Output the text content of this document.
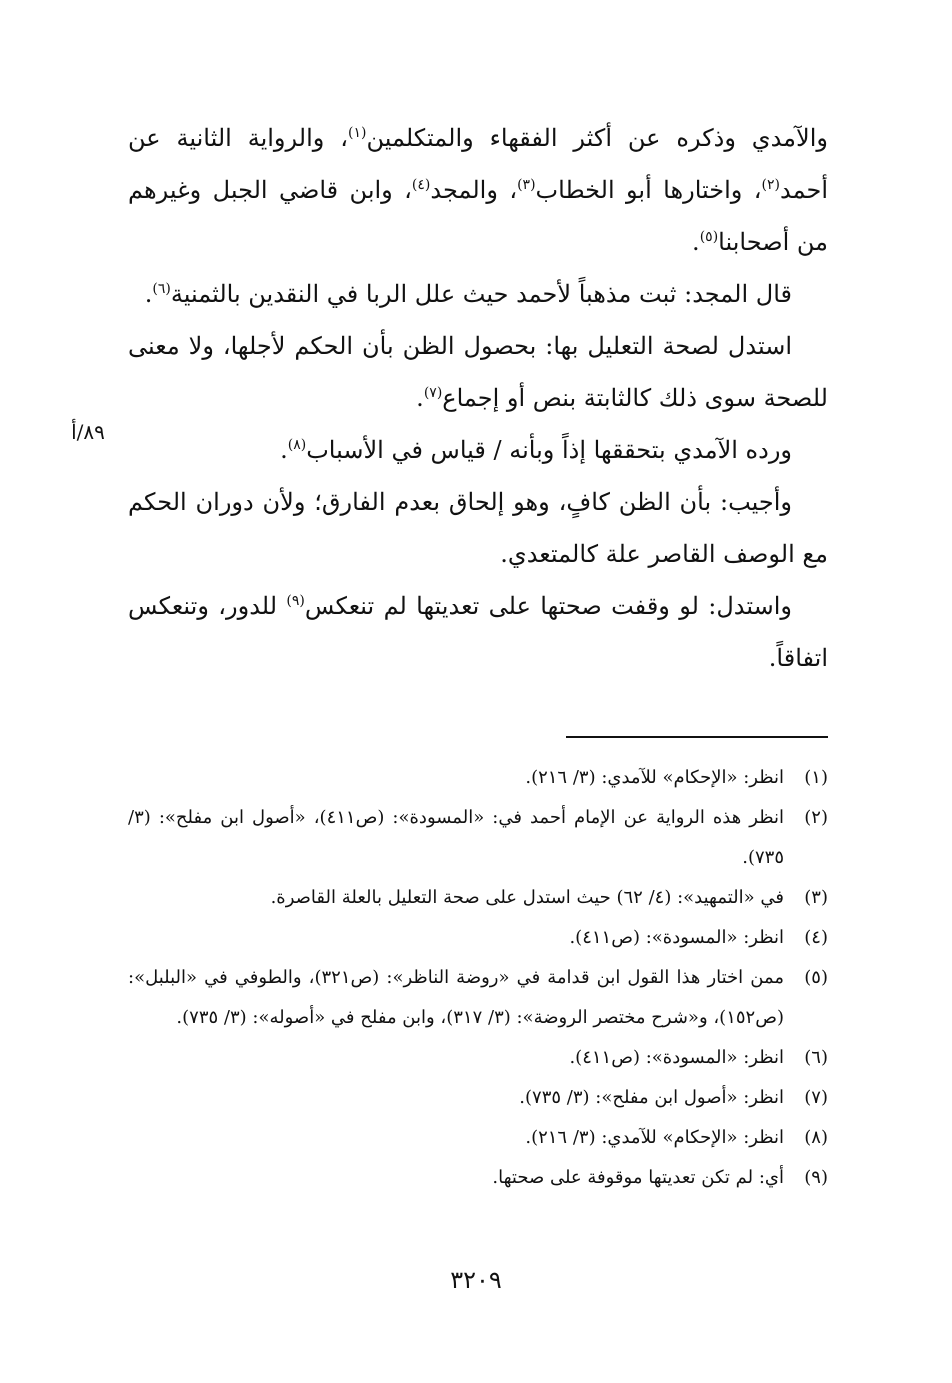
والآمدي وذكره عن أكثر الفقهاء والمتكلمين$^{(١)}$، والرواية الثانية عن أحمد$^{(٢)}$، واختارها أبو الخطاب$^{(٣)}$، والمجد$^{(٤)}$، وابن قاضي الجبل وغيرهم من أصحابنا$^{(٥)}$.

قال المجد: ثبت مذهباً لأحمد حيث علل الربا في النقدين بالثمنية$^{(٦)}$.

استدل لصحة التعليل بها: بحصول الظن بأن الحكم لأجلها، ولا معنى للصحة سوى ذلك كالثابتة بنص أو إجماع$^{(٧)}$.

ورده الآمدي بتحققها إذاً وبأنه / قياس في الأسباب$^{(٨)}$.

وأجيب: بأن الظن كافٍ، وهو إلحاق بعدم الفارق؛ ولأن دوران الحكم مع الوصف القاصر علة كالمتعدي.

واستدل: لو وقفت صحتها على تعديتها لم تنعكس$^{(٩)}$ للدور، وتنعكس اتفاقاً.

٨٩/أ
(١)
انظر: «الإحكام» للآمدي: (٣/ ٢١٦).
(٢)
انظر هذه الرواية عن الإمام أحمد في: «المسودة»: (ص٤١١)، «أصول ابن مفلح»: (٣/ ٧٣٥).
(٣)
في «التمهيد»: (٤/ ٦٢) حيث استدل على صحة التعليل بالعلة القاصرة.
(٤)
انظر: «المسودة»: (ص٤١١).
(٥)
ممن اختار هذا القول ابن قدامة في «روضة الناظر»: (ص٣٢١)، والطوفي في «البلبل»: (ص١٥٢)، و«شرح مختصر الروضة»: (٣/ ٣١٧)، وابن مفلح في «أصوله»: (٣/ ٧٣٥).
(٦)
انظر: «المسودة»: (ص٤١١).
(٧)
انظر: «أصول ابن مفلح»: (٣/ ٧٣٥).
(٨)
انظر: «الإحكام» للآمدي: (٣/ ٢١٦).
(٩)
أي: لم تكن تعديتها موقوفة على صحتها.
٣٢٠٩
